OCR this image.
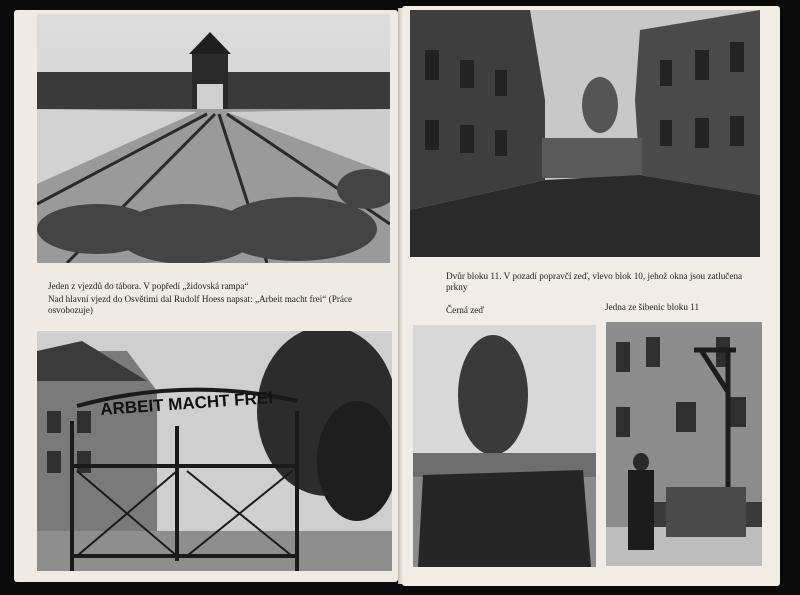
Jeden z vjezdů do tábora. V popředí „židovská rampa“
Nad hlavní vjezd do Osvětimi dal Rudolf Hoess napsat: „Arbeit macht frei“ (Práce osvobozuje)
ARBEIT MACHT FREI
Dvůr bloku 11. V pozadí popravčí zeď, vlevo blok 10, jehož okna jsou zatlučena prkny
Černá zeď	Jedna ze šibenic bloku 11
